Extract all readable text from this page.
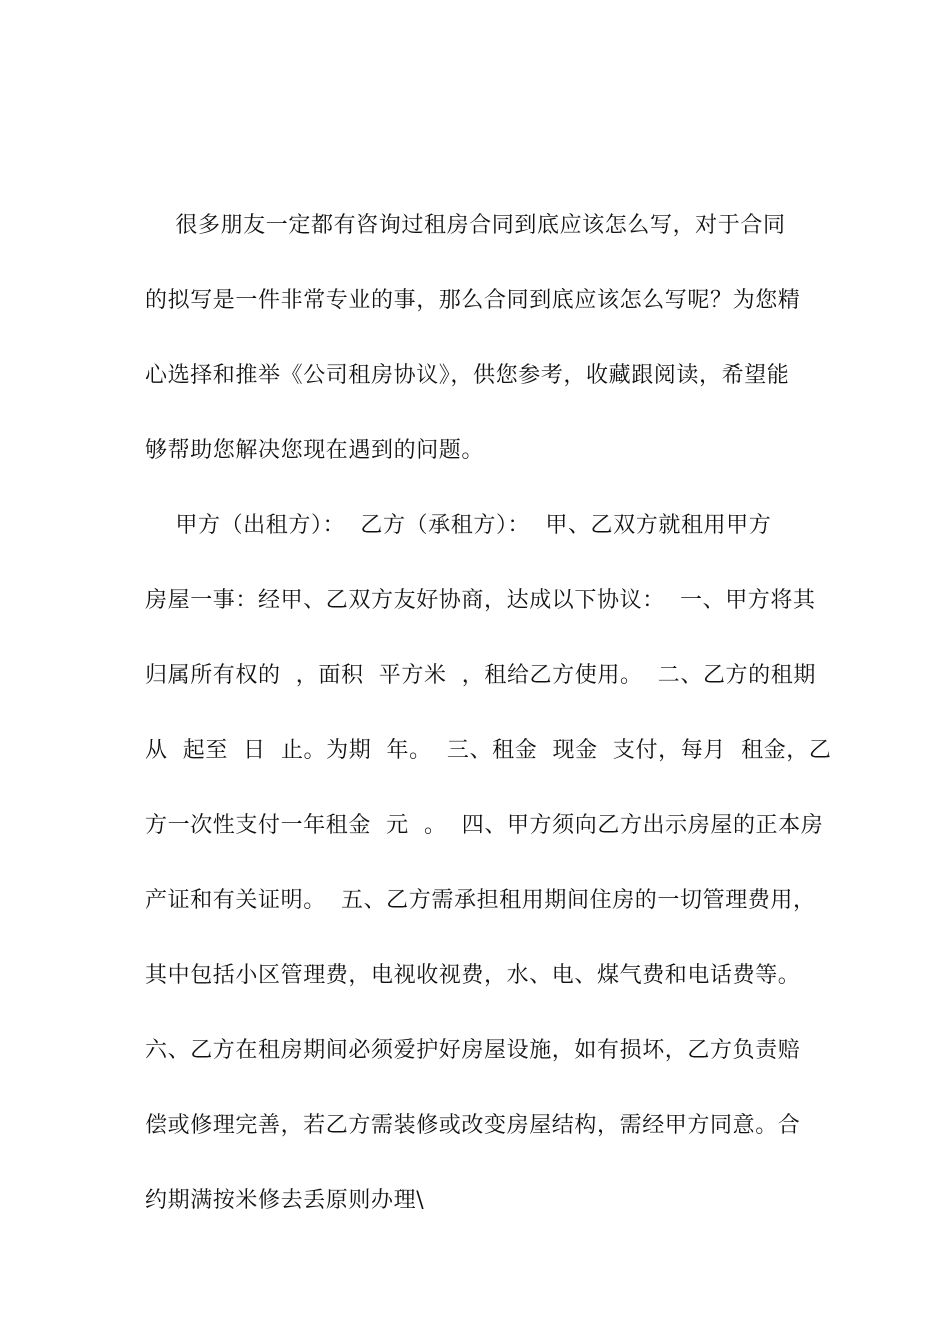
很多朋友一定都有咨询过租房合同到底应该怎么写，对于合同
的拟写是一件非常专业的事，那么合同到底应该怎么写呢？为您精
心选择和推举《公司租房协议》，供您参考，收藏跟阅读，希望能
够帮助您解决您现在遇到的问题。
甲方（出租方）：  乙方（承租方）：  甲、乙双方就租用甲方
房屋一事：经甲、乙双方友好协商，达成以下协议：  一、甲方将其
归属所有权的  ，面积  平方米  ，租给乙方使用。  二、乙方的租期
从  起至  日  止。为期  年。  三、租金  现金  支付，每月  租金，乙
方一次性支付一年租金  元  。  四、甲方须向乙方出示房屋的正本房
产证和有关证明。  五、乙方需承担租用期间住房的一切管理费用，
其中包括小区管理费，电视收视费，水、电、煤气费和电话费等。
六、乙方在租房期间必须爱护好房屋设施，如有损坏，乙方负责赔
偿或修理完善，若乙方需装修或改变房屋结构，需经甲方同意。合
约期满按米修去丢原则办理\
